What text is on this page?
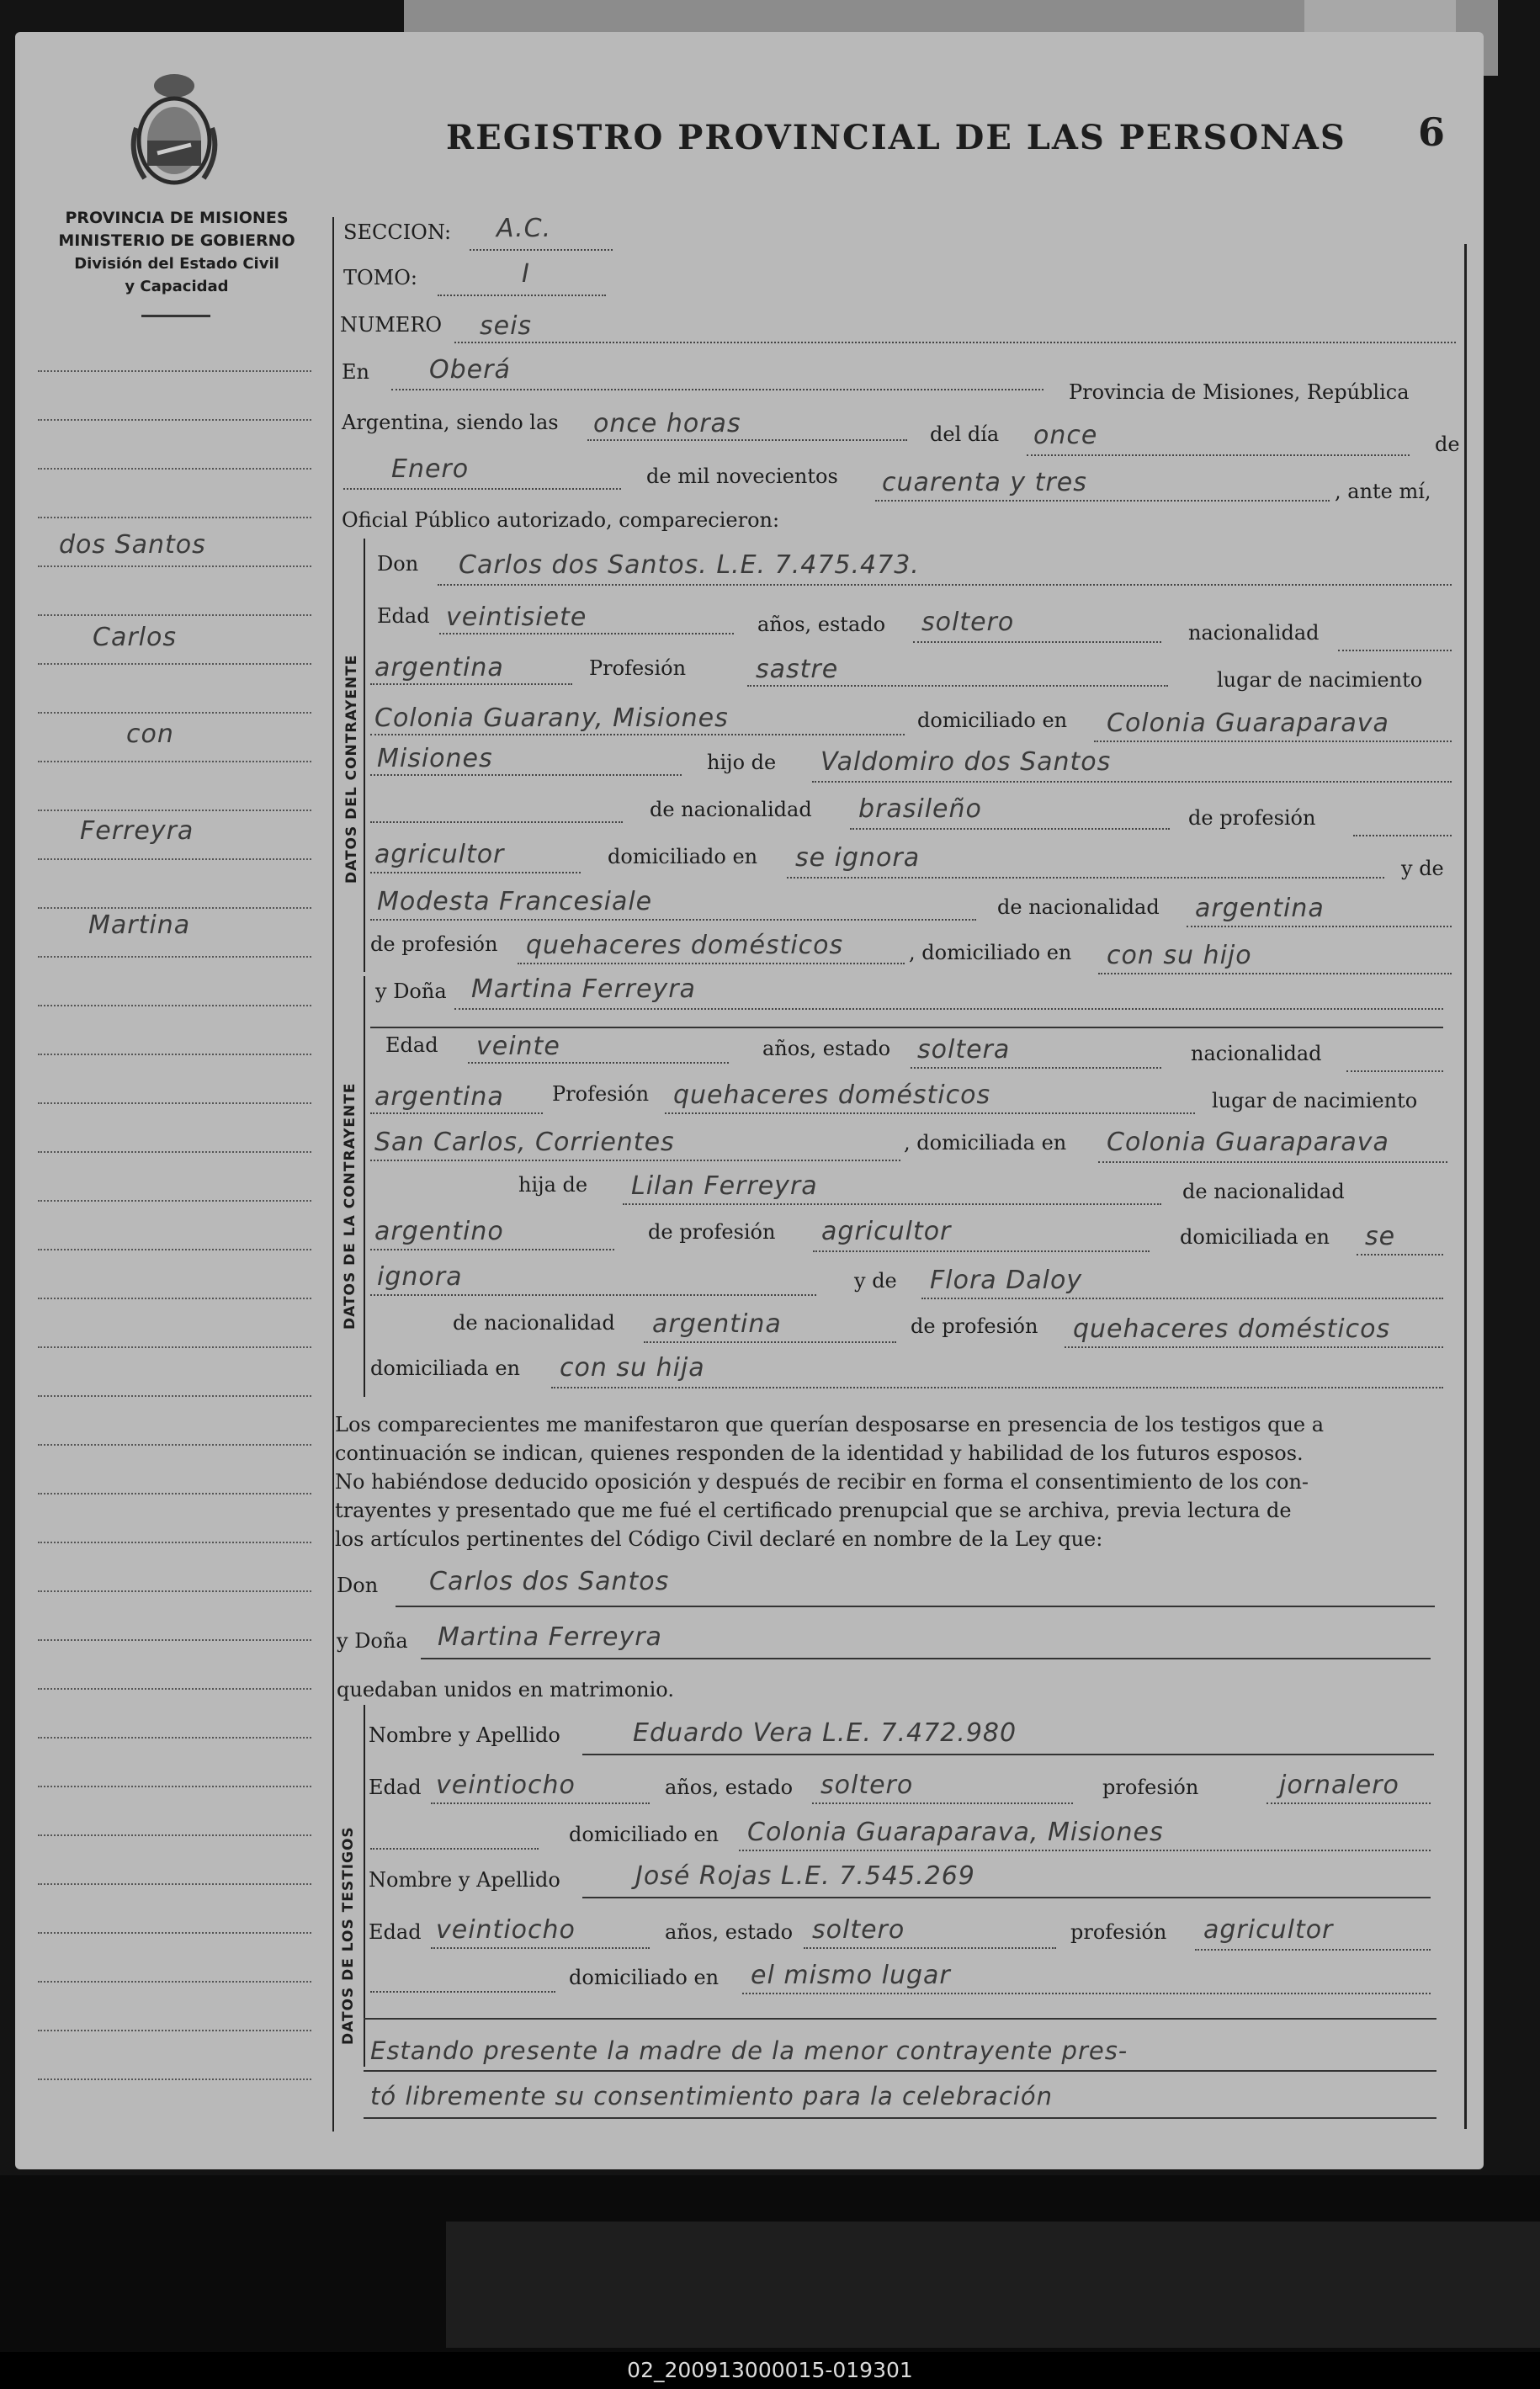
REGISTRO PROVINCIAL DE LAS PERSONAS 6
PROVINCIA DE MISIONES
MINISTERIO DE GOBIERNO
División del Estado Civil
y Capacidad
dos Santos
Carlos
con
Ferreyra
Martina
SECCION: A.C.
TOMO:	I
NUMERO seis
En Oberá
Provincia de Misiones, República
Argentina, siendo las once horas	del día once	de
Enero	de mil novecientos cuarenta y tres	, ante mí,
Oficial Público autorizado, comparecieron:
DATOS DEL CONTRAYENTE
Don Carlos dos Santos. L.E. 7.475.473.
Edad veintisiete	años, estado soltero	nacionalidad
argentina	Profesión	sastre	lugar de nacimiento
Colonia Guarany, Misiones	domiciliado en Colonia Guaraparava
Misiones	hijo de Valdomiro dos Santos
de nacionalidad brasileño	de profesión
agricultor	domiciliado en se ignora	y de
Modesta Francesiale	de nacionalidad argentina
de profesión quehaceres domésticos	, domiciliado en con su hijo
DATOS DE LA CONTRAYENTE
y Doña Martina Ferreyra
Edad veinte	años, estado soltera	nacionalidad
argentina Profesión quehaceres domésticos	lugar de nacimiento
San Carlos, Corrientes	, domiciliada en Colonia Guaraparava
hija de Lilan Ferreyra	de nacionalidad
argentino	de profesión agricultor	domiciliada en se
ignora	y de Flora Daloy
de nacionalidad argentina	de profesión quehaceres domésticos
domiciliada en con su hija
Los comparecientes me manifestaron que querían desposarse en presencia de los testigos que a
continuación se indican, quienes responden de la identidad y habilidad de los futuros esposos.
No habiéndose deducido oposición y después de recibir en forma el consentimiento de los con-
trayentes y presentado que me fué el certificado prenupcial que se archiva, previa lectura de
los artículos pertinentes del Código Civil declaré en nombre de la Ley que:
Don Carlos dos Santos
y Doña Martina Ferreyra
quedaban unidos en matrimonio.
DATOS DE LOS TESTIGOS
Nombre y Apellido	Eduardo Vera L.E. 7.472.980
Edad veintiocho	años, estado soltero	profesión	jornalero
domiciliado en Colonia Guaraparava, Misiones
Nombre y Apellido	José Rojas L.E. 7.545.269
Edad veintiocho	años, estado soltero	profesión agricultor
domiciliado en el mismo lugar
Estando presente la madre de la menor contrayente pres-
tó libremente su consentimiento para la celebración
02_200913000015-019301
